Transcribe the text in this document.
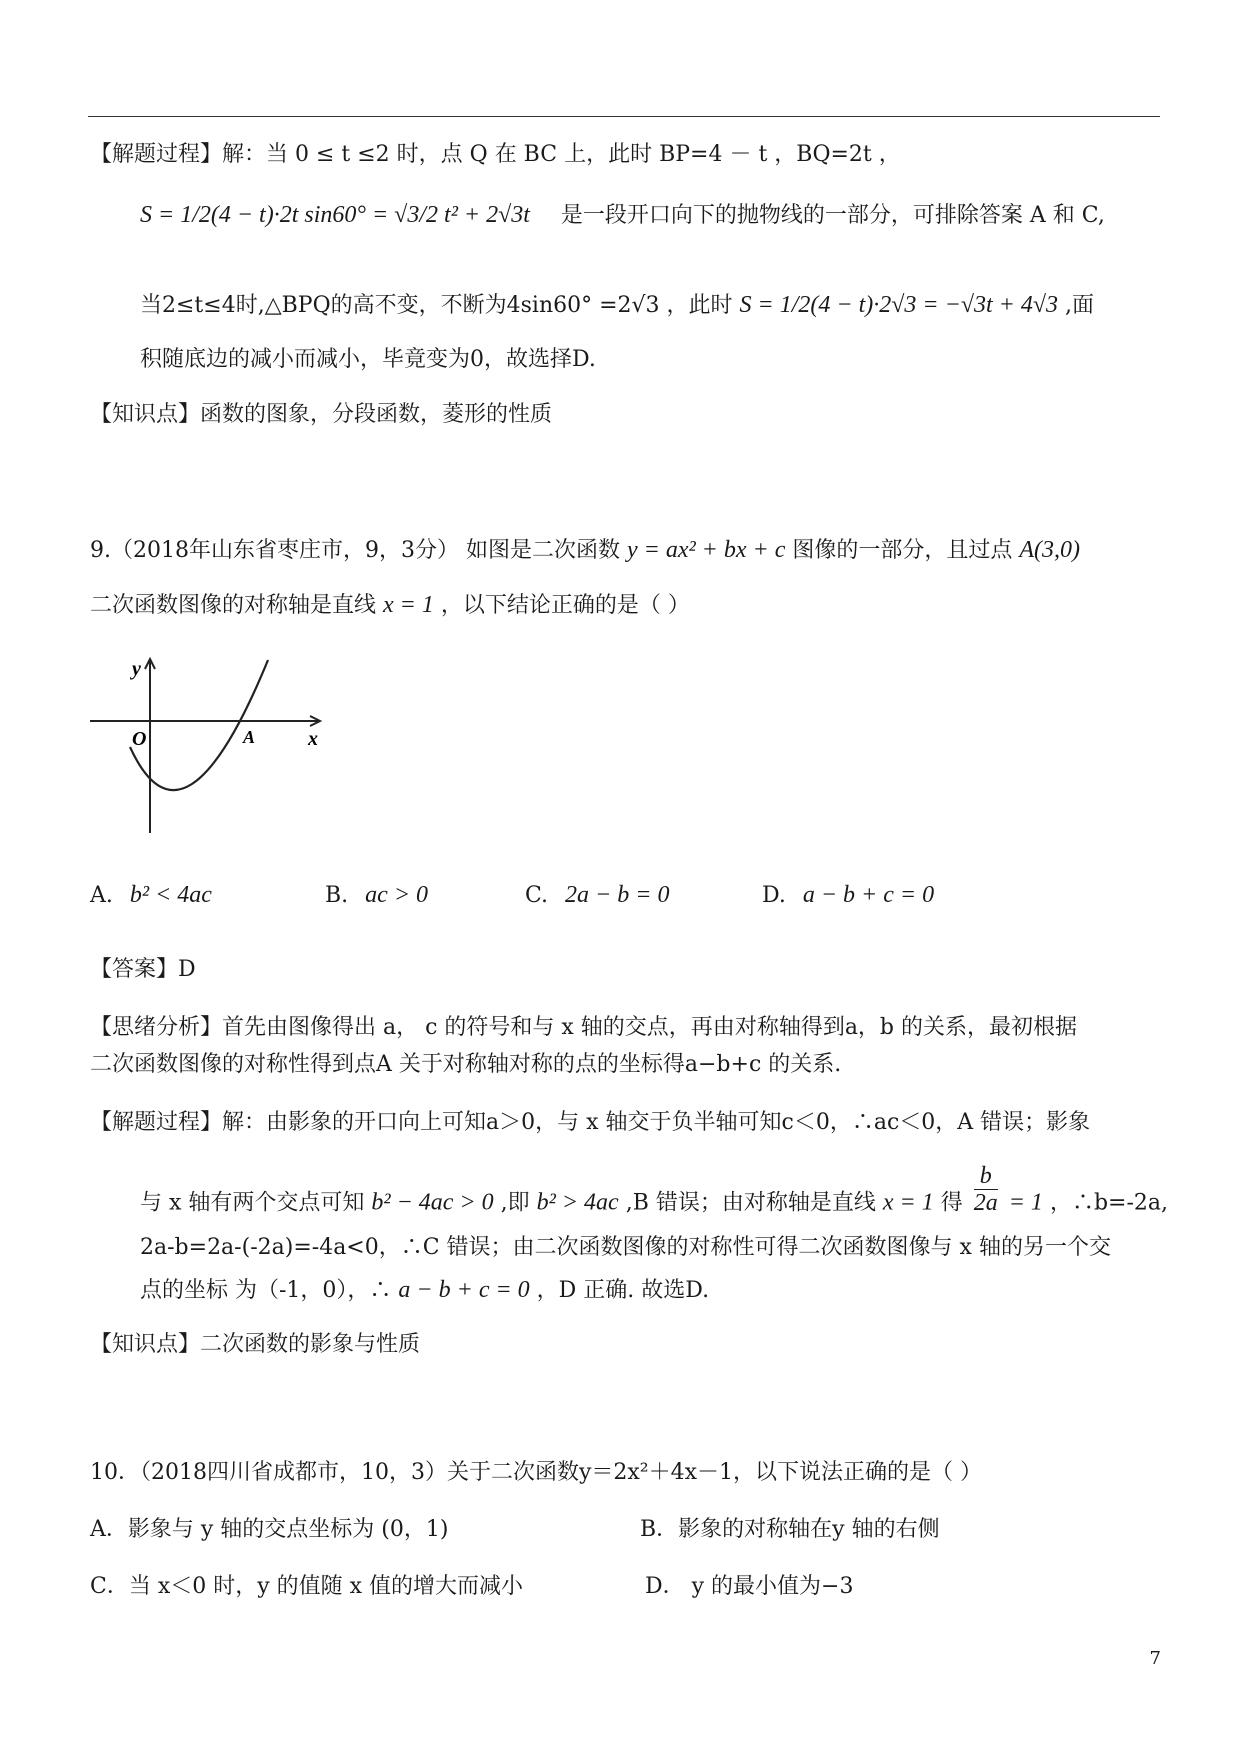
【解题过程】解：当 0 ≤ t ≤2 时，点 Q 在 BC 上，此时 BP=4 － t ，BQ=2t ，
S = 1/2(4 − t)·2t sin60° = √3/2 t² + 2√3t 是一段开口向下的抛物线的一部分，可排除答案 A 和 C,
当2≤t≤4时,△BPQ的高不变，不断为4sin60° =2√3 ，此时 S = 1/2(4 − t)·2√3 = −√3t + 4√3 ,面
积随底边的减小而减小，毕竟变为0，故选择D.
【知识点】函数的图象，分段函数，菱形的性质
9.（2018年山东省枣庄市，9，3分） 如图是二次函数 y = ax² + bx + c 图像的一部分，且过点 A(3,0)
二次函数图像的对称轴是直线 x = 1 ，以下结论正确的是（ ）
y
O	A	x
A. b² < 4ac	B. ac > 0	C. 2a − b = 0	D. a − b + c = 0
【答案】D
【思绪分析】首先由图像得出 a， c 的符号和与 x 轴的交点，再由对称轴得到a，b 的关系，最初根据
二次函数图像的对称性得到点A 关于对称轴对称的点的坐标得a−b+c 的关系.
【解题过程】解：由影象的开口向上可知a＞0，与 x 轴交于负半轴可知c＜0，∴ac＜0，A 错误；影象
与 x 轴有两个交点可知 b² − 4ac > 0 ,即 b² > 4ac ,B 错误；由对称轴是直线 x = 1 得 $\frac{b}{2a} = 1$ ，∴b=-2a,
2a-b=2a-(-2a)=-4a<0，∴C 错误；由二次函数图像的对称性可得二次函数图像与 x 轴的另一个交
点的坐标 为（-1，0），∴ a − b + c = 0 ，D 正确. 故选D.
【知识点】二次函数的影象与性质
10．（2018四川省成都市，10，3）关于二次函数y＝2x²＋4x－1，以下说法正确的是（ ）
A．影象与 y 轴的交点坐标为 (0，1)	B．影象的对称轴在y 轴的右侧
C．当 x＜0 时，y 的值随 x 值的增大而减小	D． y 的最小值为−3
7
